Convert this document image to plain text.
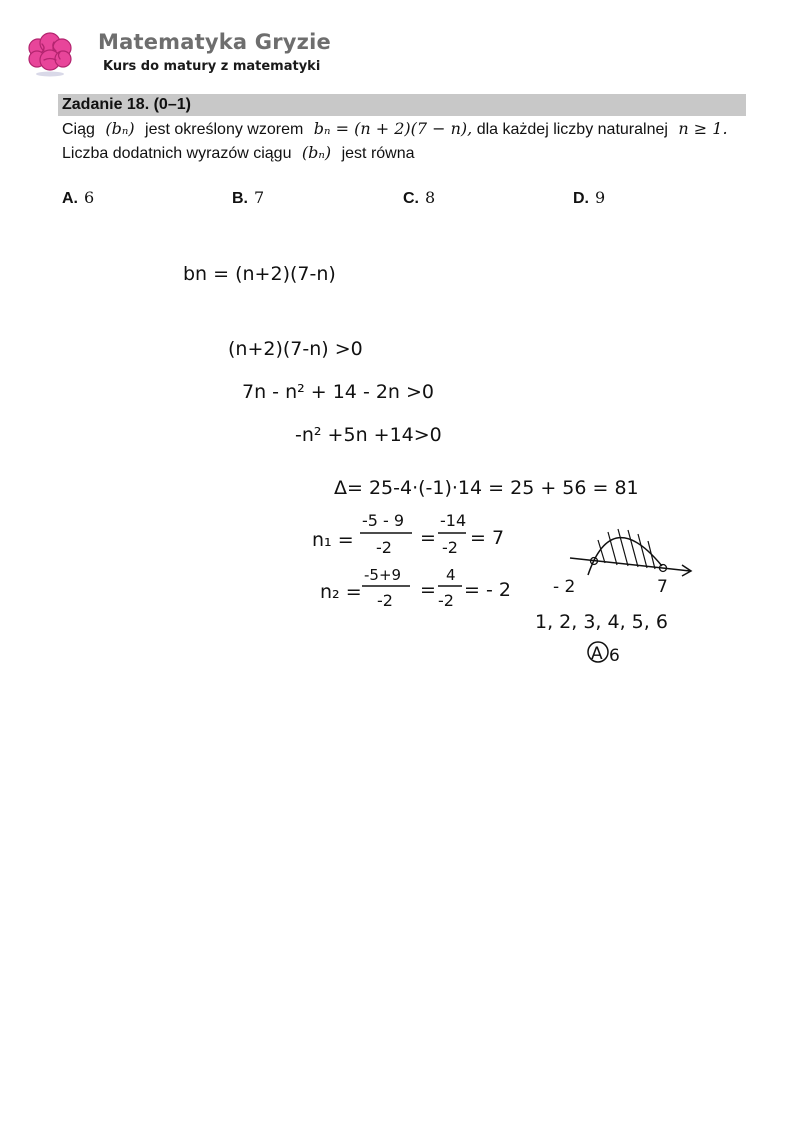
Matematyka Gryzie
Kurs do matury z matematyki
Zadanie 18. (0–1)
Ciąg (bₙ) jest określony wzorem bₙ = (n + 2)(7 − n), dla każdej liczby naturalnej n ≥ 1.
Liczba dodatnich wyrazów ciągu (bₙ) jest równa
A. 6	B. 7	C. 8	D. 9
bn = (n+2)(7-n)
(n+2)(7-n) >0
7n - n² + 14 - 2n >0
-n² +5n +14>0
Δ= 25-4·(-1)·14 = 25 + 56 = 81
n₁ =
-5 - 9
-2 =
-14
-2 = 7
n₂ =
-5+9
-2 =
4
-2 = - 2 - 2	7
1, 2, 3, 4, 5, 6
A 6
